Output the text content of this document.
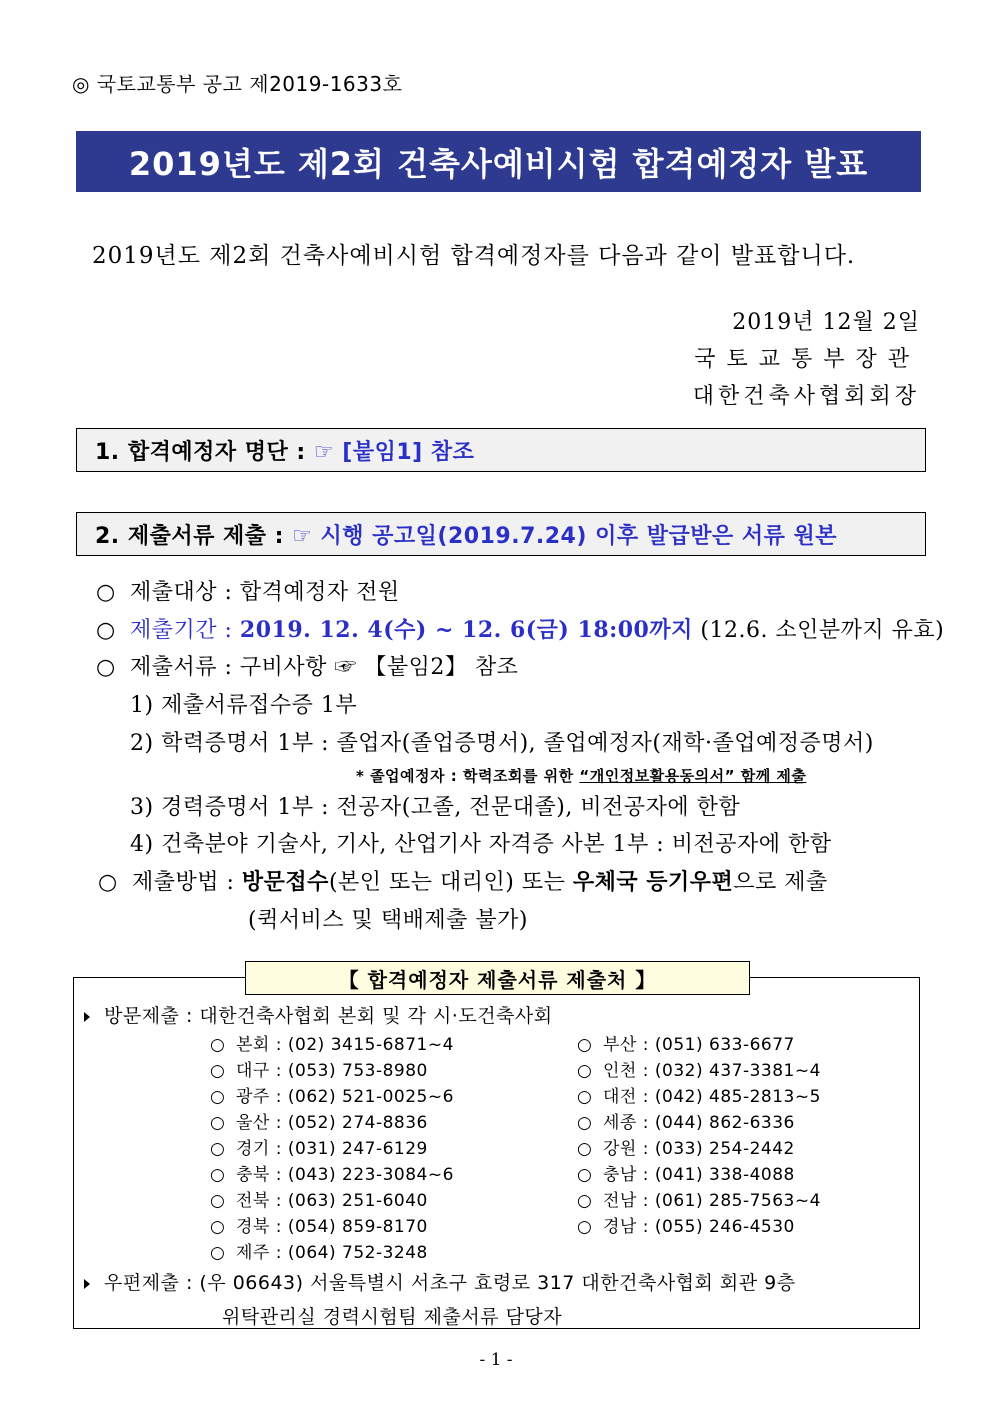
◎ 국토교통부 공고 제2019-1633호
2019년도 제2회 건축사예비시험 합격예정자 발표
2019년도 제2회 건축사예비시험 합격예정자를 다음과 같이 발표합니다.
2019년 12월 2일
국토교통부장관
대한건축사협회회장
1. 합격예정자 명단 :
☞ [붙임1] 참조
2. 제출서류 제출 :
☞ 시행 공고일(2019.7.24) 이후 발급받은 서류 원본
○ 제출대상 : 합격예정자 전원
○ 제출기간 : 2019. 12. 4(수) ~ 12. 6(금) 18:00까지 (12.6. 소인분까지 유효)
○ 제출서류 : 구비사항 ☞ 【붙임2】 참조
1) 제출서류접수증 1부
2) 학력증명서 1부 : 졸업자(졸업증명서), 졸업예정자(재학·졸업예정증명서)
* 졸업예정자 : 학력조회를 위한 “개인정보활용동의서” 함께 제출
3) 경력증명서 1부 : 전공자(고졸, 전문대졸), 비전공자에 한함
4) 건축분야 기술사, 기사, 산업기사 자격증 사본 1부 : 비전공자에 한함
○ 제출방법 : 방문접수(본인 또는 대리인) 또는 우체국 등기우편으로 제출
(퀵서비스 및 택배제출 불가)
【 합격예정자 제출서류 제출처 】
방문제출 : 대한건축사협회 본회 및 각 시·도건축사회
○ 본회 : (02) 3415-6871~4	○ 부산 : (051) 633-6677
○ 대구 : (053) 753-8980	○ 인천 : (032) 437-3381~4
○ 광주 : (062) 521-0025~6	○ 대전 : (042) 485-2813~5
○ 울산 : (052) 274-8836	○ 세종 : (044) 862-6336
○ 경기 : (031) 247-6129	○ 강원 : (033) 254-2442
○ 충북 : (043) 223-3084~6	○ 충남 : (041) 338-4088
○ 전북 : (063) 251-6040	○ 전남 : (061) 285-7563~4
○ 경북 : (054) 859-8170	○ 경남 : (055) 246-4530
○ 제주 : (064) 752-3248
우편제출 : (우 06643) 서울특별시 서초구 효령로 317 대한건축사협회 회관 9층
위탁관리실 경력시험팀 제출서류 담당자
- 1 -
